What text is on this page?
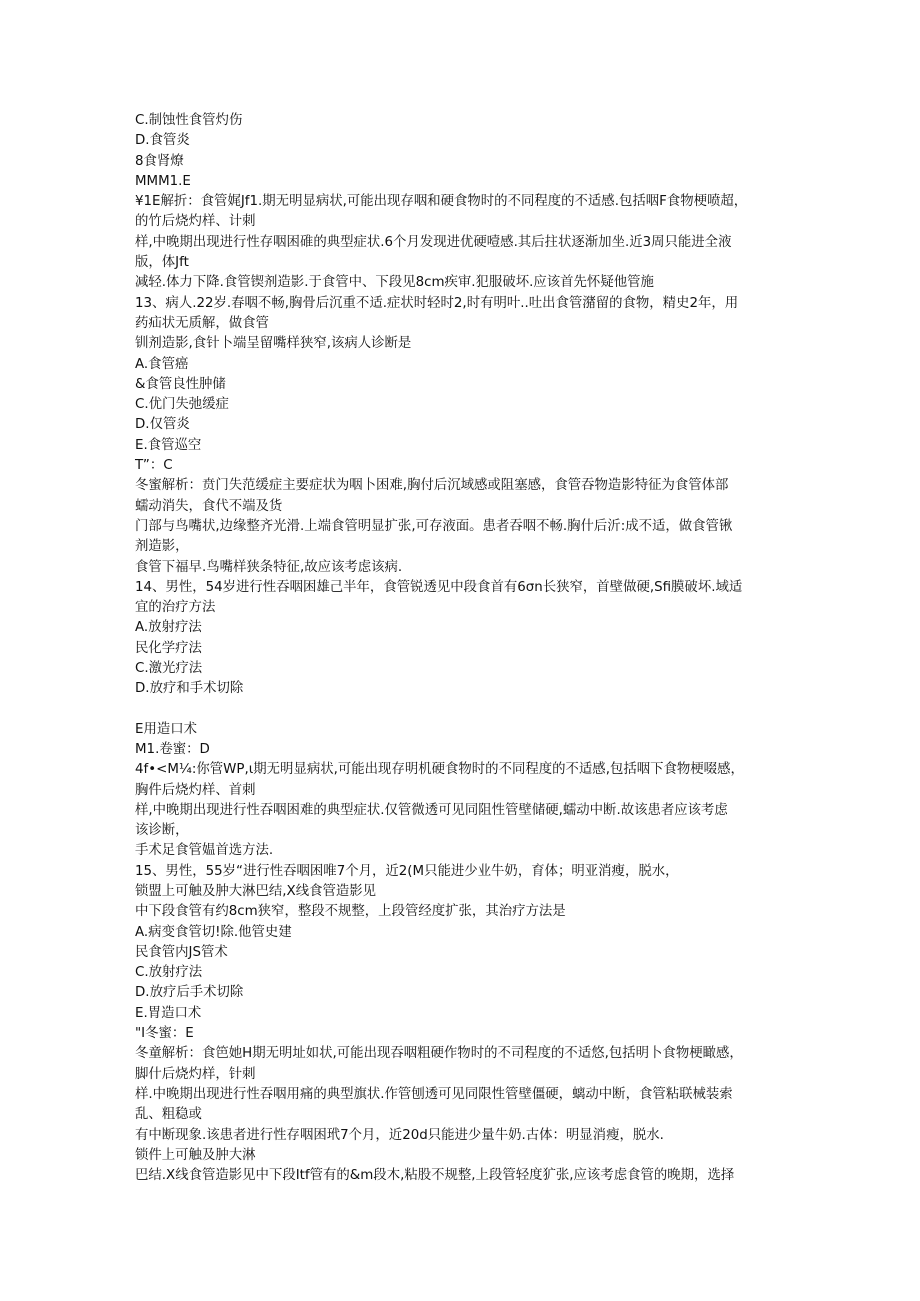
C.制蚀性食管灼伤
D.食管炎
8食肾燎
MMM1.E
¥1E解折：食管娓Jf1.期无明显病状,可能出现存咽和硬食物时的不同程度的不适感.包括咽F食物梗喷超，
的竹后烧灼样、计刺
样,中晚期出现进行性存咽困碓的典型症状.6个月发现进优硬噎感.其后拄状逐渐加坐.近3周只能进全液
版，体Jft
减轻.体力下降.食管锲剂造影.于食管中、下段见8cm疾审.犯服破坏.应该首先怀疑他管施
13、病人.22岁.春咽不畅,胸骨后沉重不适.症状时轻时2,时有明叶..吐出食管潴留的食物，精史2年，用
药疝状无质解，做食管
钏剂造影,食针卜端呈留嘴样狭窄,该病人诊断是
A.食管癌
&食管良性肿储
C.优门失弛缓症
D.仅管炎
E.食管巡空
T”：C
冬蜜解析：贲门失范缓症主要症状为咽卜困难,胸付后沉域感或阻塞感，食管吞物造影特征为食管体部
蠕动消失，食代不端及货
门部与鸟嘴状,边缘整齐光滑.上端食管明显扩张,可存液面。患者吞咽不畅.胸什后沂:成不适，做食管锹
剂造影，
食管下福早.鸟嘴样狭条特征,故应该考虑该病.
14、男性，54岁进行性吞咽困雄己半年，食管锐透见中段食首有6σn长狭窄，首壁做硬,Sfi膜破坏.域适
宜的治疗方法
A.放射疗法
民化学疗法
C.激光疗法
D.放疗和手术切除
E用造口术
M1.卷蜜：D
4f•<M¼:你管WP,ι期无明显病状,可能出现存明机硬食物时的不同程度的不适感,包括咽下食物梗啜感，
胸件后烧灼样、首刺
样,中晚期出现进行性吞咽困难的典型症状.仅管微透可见同阻性管壁储硬,蠕动中断.故该患者应该考虑
该诊断，
手术足食管媪首选方法.
15、男性，55岁“进行性吞咽困唯7个月，近2(M只能进少业牛奶，育体；明亚消瘦，脱水，
锁盟上可触及肿大淋巴结,X线食管造影见
中下段食管有约8cm狭窄，整段不规整，上段管经度扩张，其治疗方法是
A.病变食管切!除.他管史建
民食管内JS管术
C.放射疗法
D.放疗后手术切除
E.胃造口术
"I冬蜜：E
冬童解析：食笆她H期无明址如状,可能出现吞咽粗硬作物时的不司程度的不适悠,包括明卜食物梗瞰感，
脚什后烧灼样，针刺
样.中晚期出现进行性吞咽用痛的典型旗状.作管刨透可见同限性管壁僵硬，螭动中断，食管粘联械装索
乱、粗稳或
有中断现象.该患者进行性存咽困玳7个月，近20d只能进少量牛奶.古体：明显消瘦，脱水.
锁件上可触及肿大淋
巴结.X线食管造影见中下段Itf管有的&m段木,粘股不规整,上段管轻度犷张,应该考虑食管的晚期，选择
